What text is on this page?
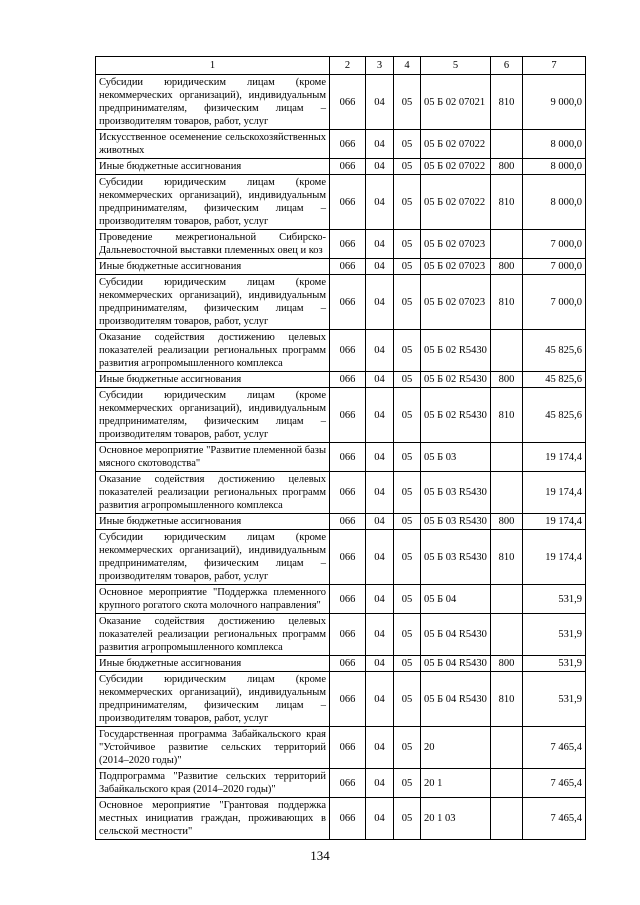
1	2	3	4	5	6	7
Субсидии юридическим лицам (кроме некоммерческих организаций), индивидуальным предпринимателям, физическим лицам – производителям товаров, работ, услуг	066	04	05	05 Б 02 07021	810	9 000,0
Искусственное осеменение сельскохозяйственных животных	066	04	05	05 Б 02 07022		8 000,0
Иные бюджетные ассигнования	066	04	05	05 Б 02 07022	800	8 000,0
Субсидии юридическим лицам (кроме некоммерческих организаций), индивидуальным предпринимателям, физическим лицам – производителям товаров, работ, услуг	066	04	05	05 Б 02 07022	810	8 000,0
Проведение межрегиональной Сибирско-Дальневосточной выставки племенных овец и коз	066	04	05	05 Б 02 07023		7 000,0
Иные бюджетные ассигнования	066	04	05	05 Б 02 07023	800	7 000,0
Субсидии юридическим лицам (кроме некоммерческих организаций), индивидуальным предпринимателям, физическим лицам – производителям товаров, работ, услуг	066	04	05	05 Б 02 07023	810	7 000,0
Оказание содействия достижению целевых показателей реализации региональных программ развития агропромышленного комплекса	066	04	05	05 Б 02 R5430		45 825,6
Иные бюджетные ассигнования	066	04	05	05 Б 02 R5430	800	45 825,6
Субсидии юридическим лицам (кроме некоммерческих организаций), индивидуальным предпринимателям, физическим лицам – производителям товаров, работ, услуг	066	04	05	05 Б 02 R5430	810	45 825,6
Основное мероприятие "Развитие племенной базы мясного скотоводства"	066	04	05	05 Б 03		19 174,4
Оказание содействия достижению целевых показателей реализации региональных программ развития агропромышленного комплекса	066	04	05	05 Б 03 R5430		19 174,4
Иные бюджетные ассигнования	066	04	05	05 Б 03 R5430	800	19 174,4
Субсидии юридическим лицам (кроме некоммерческих организаций), индивидуальным предпринимателям, физическим лицам – производителям товаров, работ, услуг	066	04	05	05 Б 03 R5430	810	19 174,4
Основное мероприятие "Поддержка племенного крупного рогатого скота молочного направления"	066	04	05	05 Б 04		531,9
Оказание содействия достижению целевых показателей реализации региональных программ развития агропромышленного комплекса	066	04	05	05 Б 04 R5430		531,9
Иные бюджетные ассигнования	066	04	05	05 Б 04 R5430	800	531,9
Субсидии юридическим лицам (кроме некоммерческих организаций), индивидуальным предпринимателям, физическим лицам – производителям товаров, работ, услуг	066	04	05	05 Б 04 R5430	810	531,9
Государственная программа Забайкальского края "Устойчивое развитие сельских территорий (2014–2020 годы)"	066	04	05	20		7 465,4
Подпрограмма "Развитие сельских территорий Забайкальского края (2014–2020 годы)"	066	04	05	20 1		7 465,4
Основное мероприятие "Грантовая поддержка местных инициатив граждан, проживающих в сельской местности"	066	04	05	20 1 03		7 465,4
134
